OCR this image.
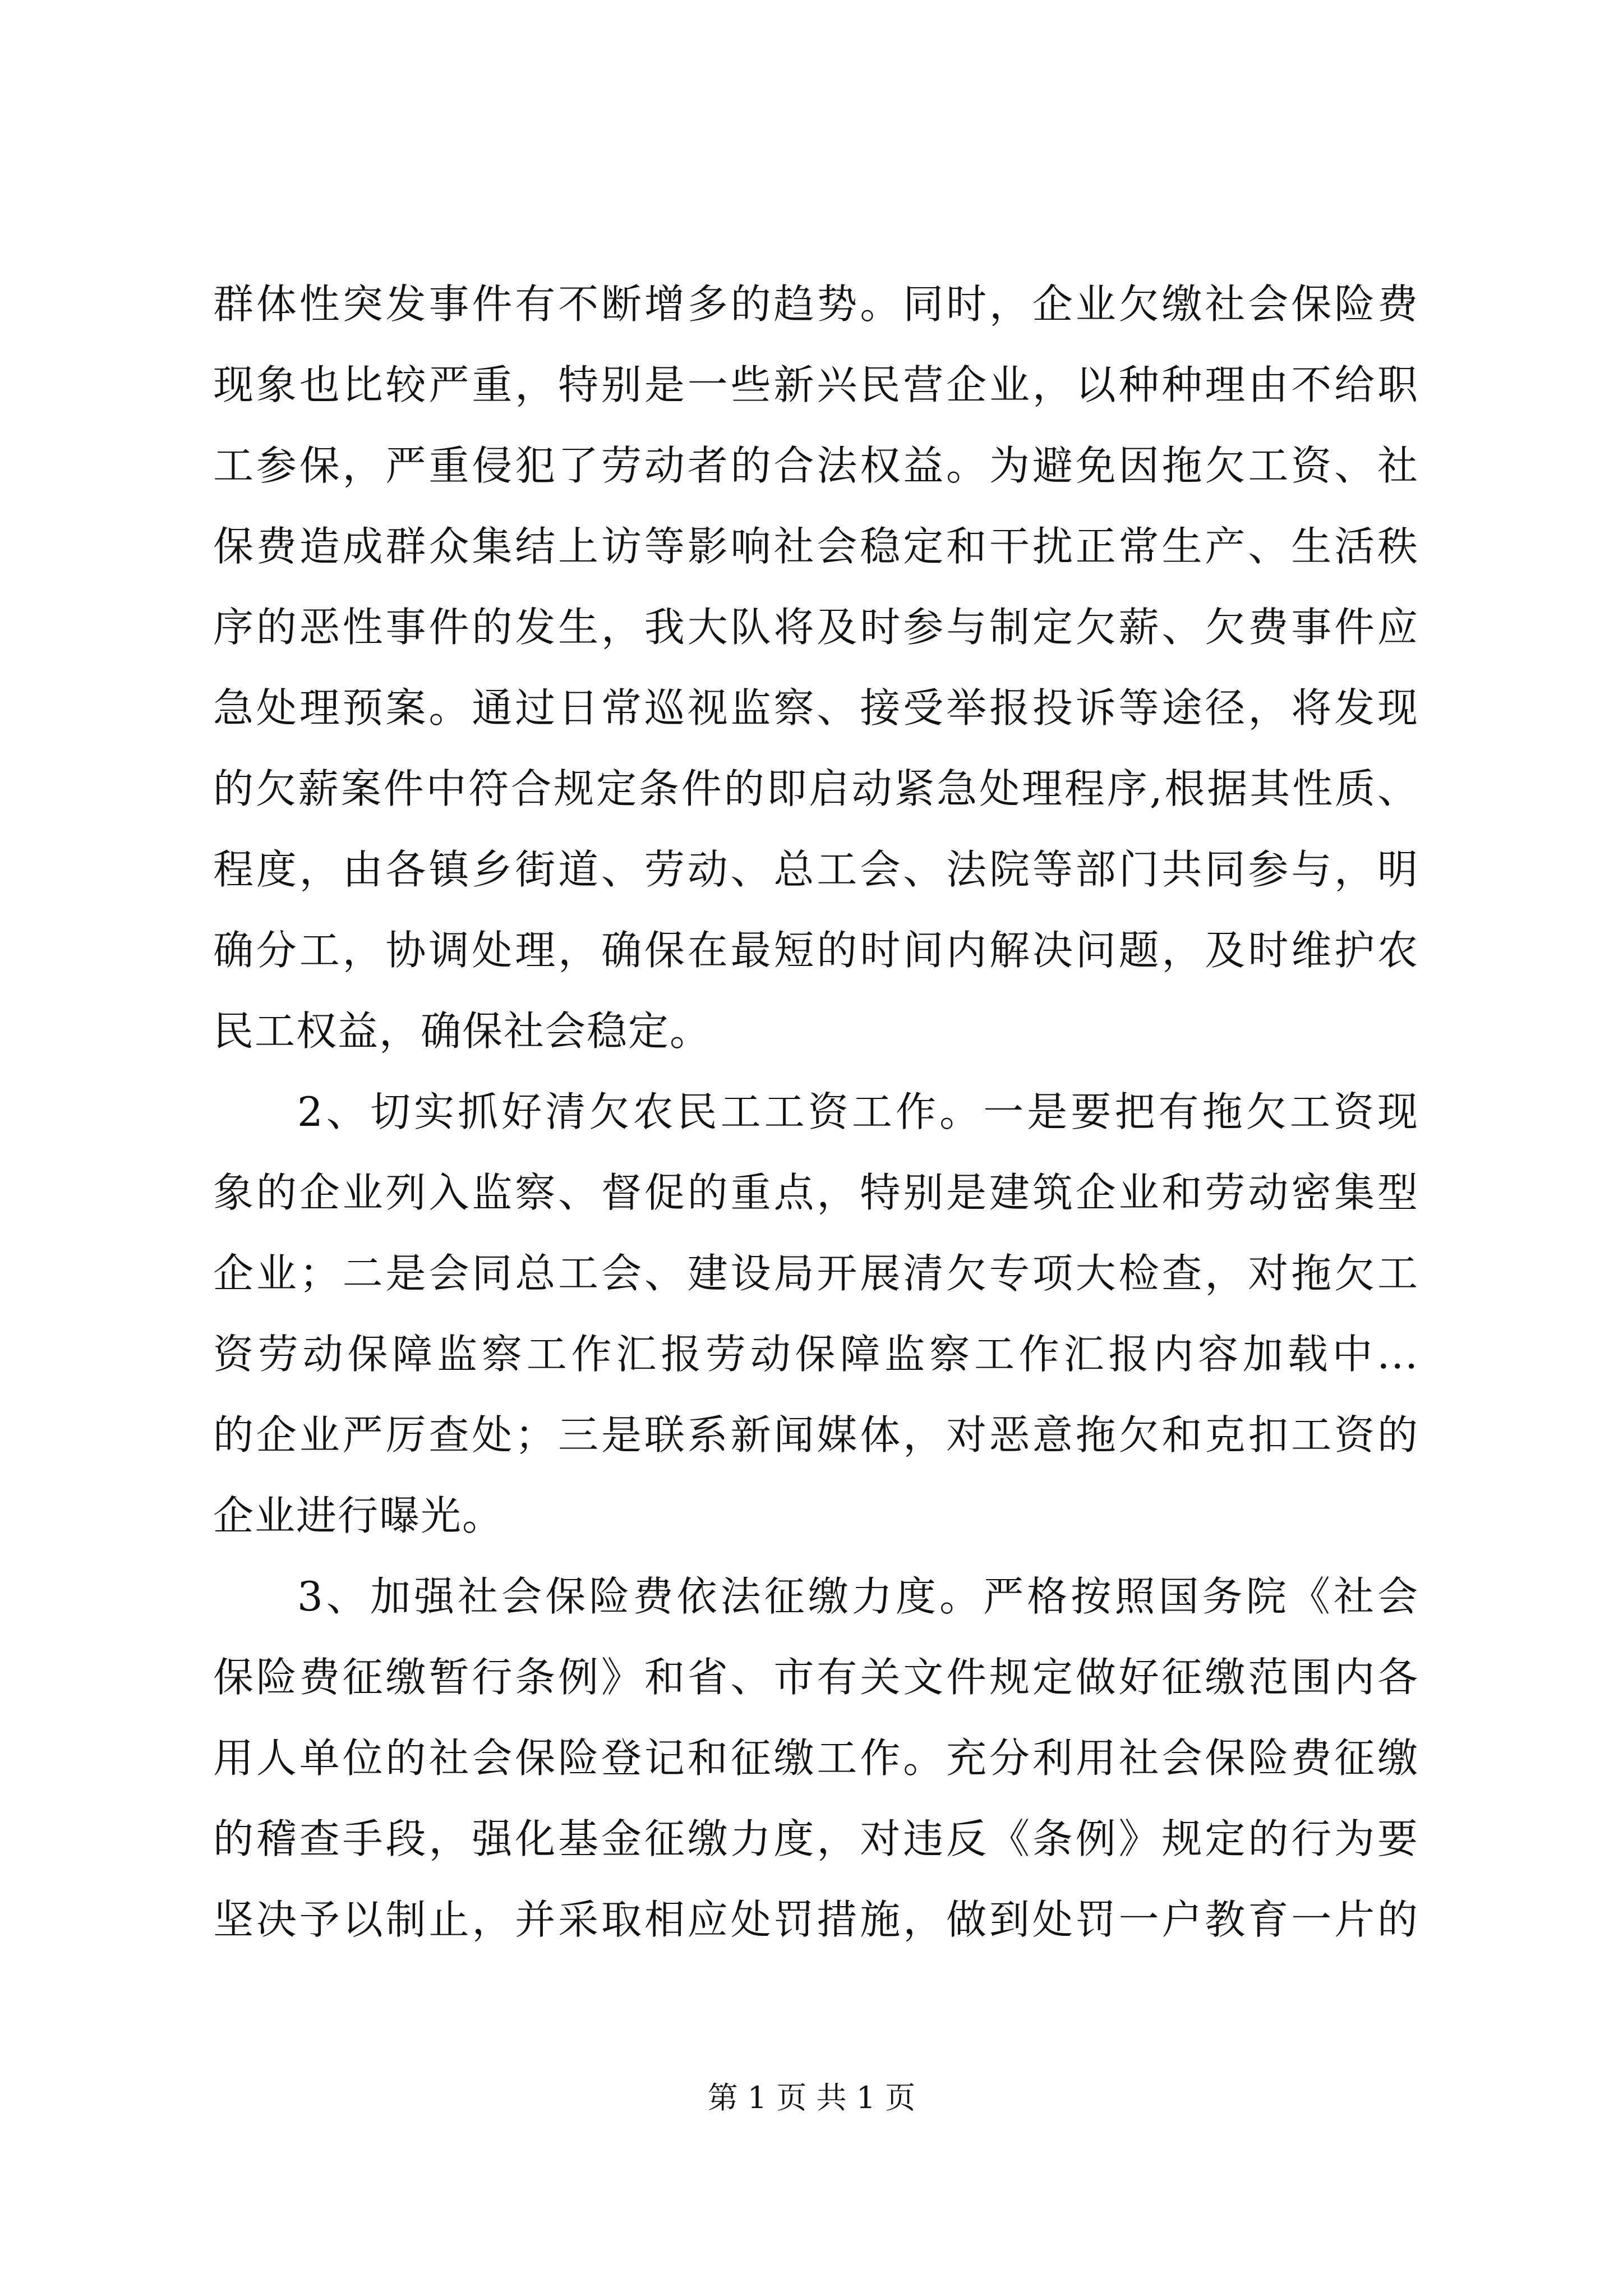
群体性突发事件有不断增多的趋势。同时，企业欠缴社会保险费
现象也比较严重，特别是一些新兴民营企业，以种种理由不给职
工参保，严重侵犯了劳动者的合法权益。为避免因拖欠工资、社
保费造成群众集结上访等影响社会稳定和干扰正常生产、生活秩
序的恶性事件的发生，我大队将及时参与制定欠薪、欠费事件应
急处理预案。通过日常巡视监察、接受举报投诉等途径，将发现
的欠薪案件中符合规定条件的即启动紧急处理程序,根据其性质、
程度，由各镇乡街道、劳动、总工会、法院等部门共同参与，明
确分工，协调处理，确保在最短的时间内解决问题，及时维护农
民工权益，确保社会稳定。
2、切实抓好清欠农民工工资工作。一是要把有拖欠工资现
象的企业列入监察、督促的重点，特别是建筑企业和劳动密集型
企业；二是会同总工会、建设局开展清欠专项大检查，对拖欠工
资劳动保障监察工作汇报劳动保障监察工作汇报内容加载中...
的企业严厉查处；三是联系新闻媒体，对恶意拖欠和克扣工资的
企业进行曝光。
3、加强社会保险费依法征缴力度。严格按照国务院《社会
保险费征缴暂行条例》和省、市有关文件规定做好征缴范围内各
用人单位的社会保险登记和征缴工作。充分利用社会保险费征缴
的稽查手段，强化基金征缴力度，对违反《条例》规定的行为要
坚决予以制止，并采取相应处罚措施，做到处罚一户教育一片的
第 1 页 共 1 页
